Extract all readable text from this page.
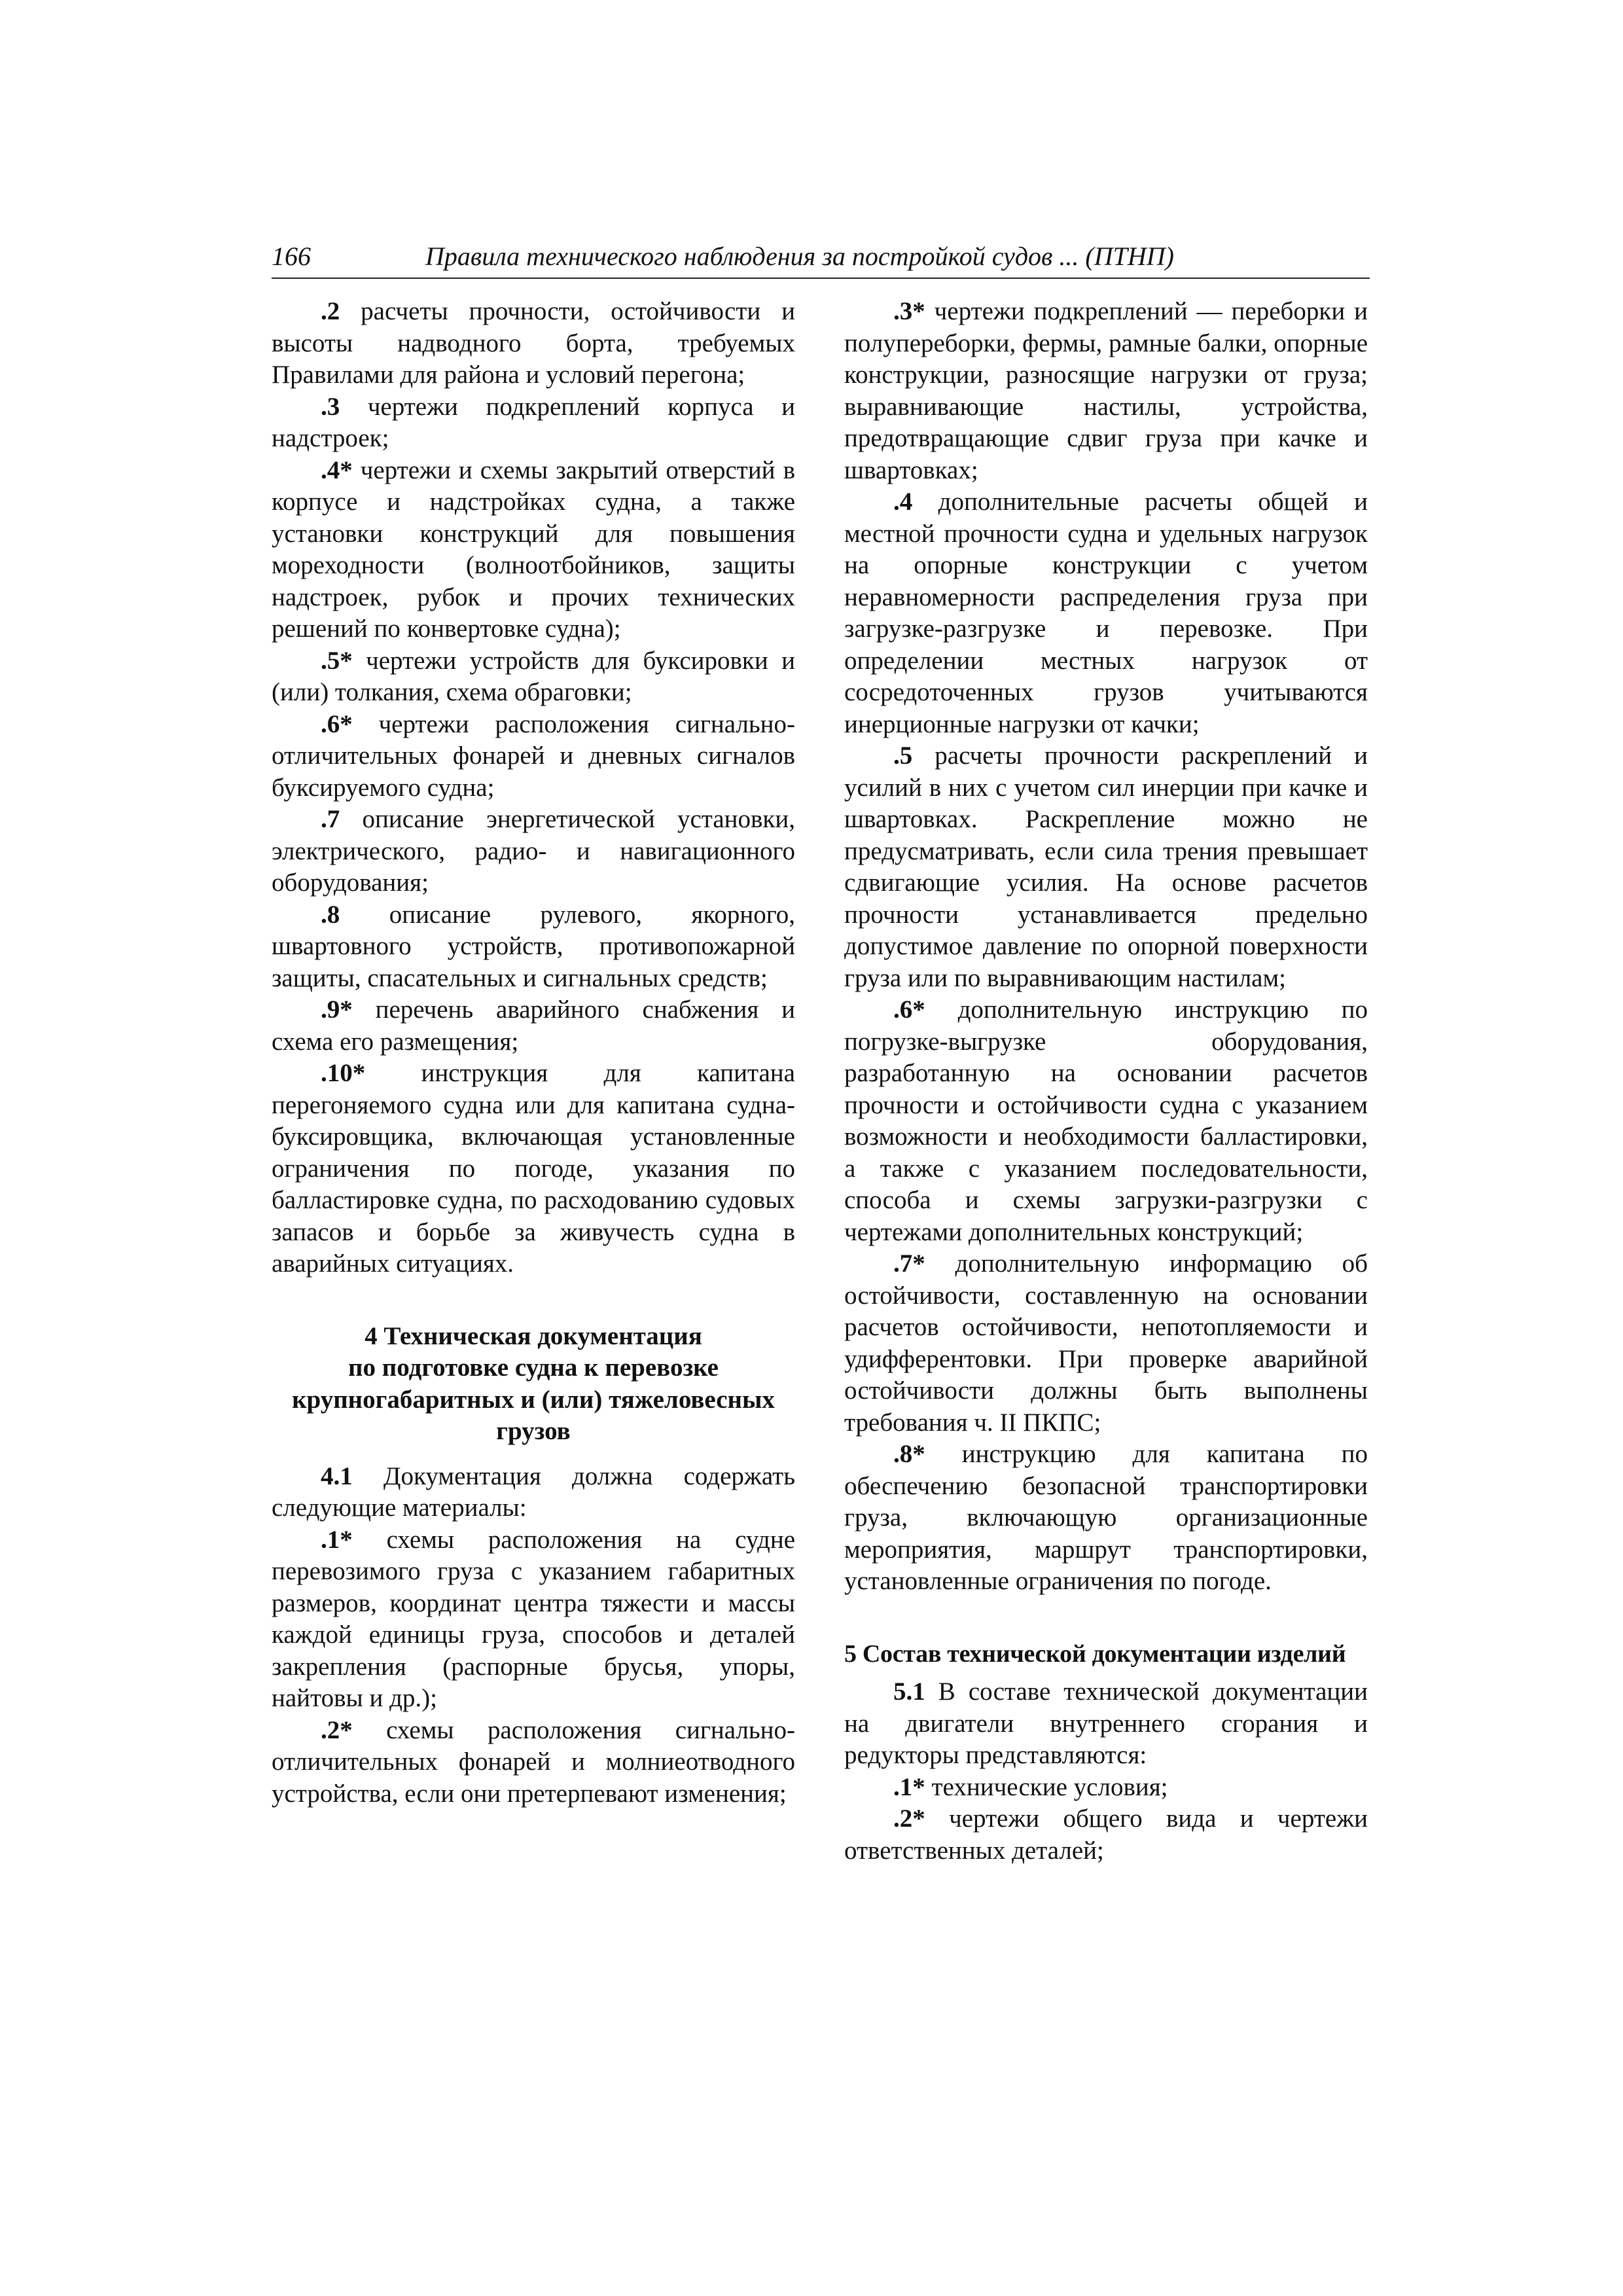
166	Правила технического наблюдения за постройкой судов ... (ПТНП)

.2 расчеты прочности, остойчивости и высоты надводного борта, требуемых Правилами для района и условий перегона;

.3 чертежи подкреплений корпуса и надстроек;

.4* чертежи и схемы закрытий отверстий в корпусе и надстройках судна, а также установки конструкций для повышения мореходности (волноотбойников, защиты надстроек, рубок и прочих технических решений по конвертовке судна);

.5* чертежи устройств для буксировки и (или) толкания, схема обраговки;

.6* чертежи расположения сигнально-отличительных фонарей и дневных сигналов буксируемого судна;

.7 описание энергетической установки, электрического, радио- и навигационного оборудования;

.8 описание рулевого, якорного, швартовного устройств, противопожарной защиты, спасательных и сигнальных средств;

.9* перечень аварийного снабжения и схема его размещения;

.10* инструкция для капитана перегоняемого судна или для капитана судна-буксировщика, включающая установленные ограничения по погоде, указания по балластировке судна, по расходованию судовых запасов и борьбе за живучесть судна в аварийных ситуациях.

4 Техническая документация
по подготовке судна к перевозке
крупногабаритных и (или) тяжеловесных
грузов

4.1 Документация должна содержать следующие материалы:

.1* схемы расположения на судне перевозимого груза с указанием габаритных размеров, координат центра тяжести и массы каждой единицы груза, способов и деталей закрепления (распорные брусья, упоры, найтовы и др.);

.2* схемы расположения сигнально-отличительных фонарей и молниеотводного устройства, если они претерпевают изменения;

.3* чертежи подкреплений — переборки и полупереборки, фермы, рамные балки, опорные конструкции, разносящие нагрузки от груза; выравнивающие настилы, устройства, предотвращающие сдвиг груза при качке и швартовках;

.4 дополнительные расчеты общей и местной прочности судна и удельных нагрузок на опорные конструкции с учетом неравномерности распределения груза при загрузке-разгрузке и перевозке. При определении местных нагрузок от сосредоточенных грузов учитываются инерционные нагрузки от качки;

.5 расчеты прочности раскреплений и усилий в них с учетом сил инерции при качке и швартовках. Раскрепление можно не предусматривать, если сила трения превышает сдвигающие усилия. На основе расчетов прочности устанавливается предельно допустимое давление по опорной поверхности груза или по выравнивающим настилам;

.6* дополнительную инструкцию по погрузке-выгрузке оборудования, разработанную на основании расчетов прочности и остойчивости судна с указанием возможности и необходимости балластировки, а также с указанием последовательности, способа и схемы загрузки-разгрузки с чертежами дополнительных конструкций;

.7* дополнительную информацию об остойчивости, составленную на основании расчетов остойчивости, непотопляемости и удифферентовки. При проверке аварийной остойчивости должны быть выполнены требования ч. II ПКПС;

.8* инструкцию для капитана по обеспечению безопасной транспортировки груза, включающую организационные мероприятия, маршрут транспортировки, установленные ограничения по погоде.

5 Состав технической документации изделий

5.1 В составе технической документации на двигатели внутреннего сгорания и редукторы представляются:

.1* технические условия;

.2* чертежи общего вида и чертежи ответственных деталей;
